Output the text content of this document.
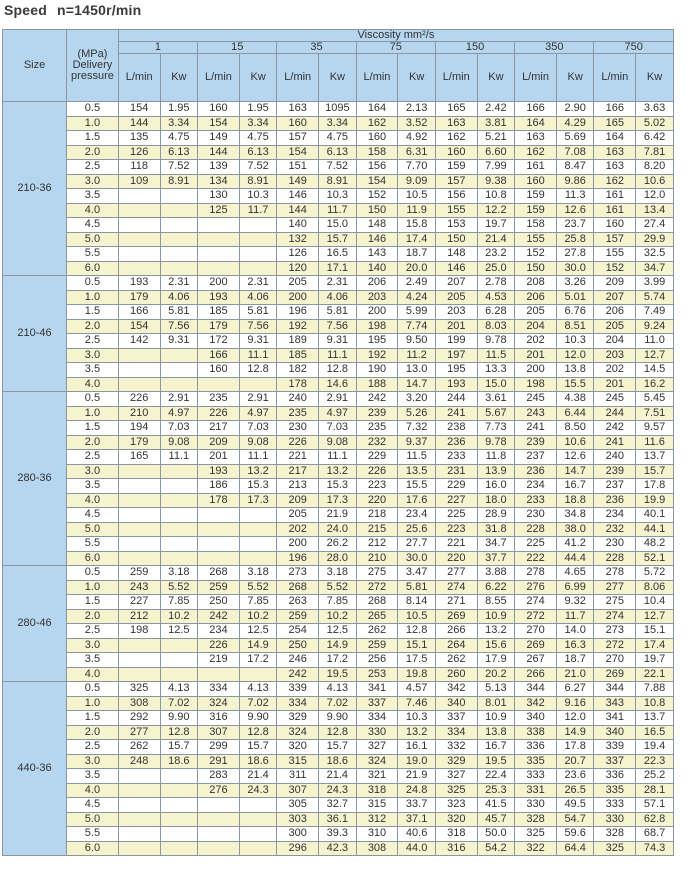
Speed n=1450r/min
Size	(MPa)
Delivery
pressure	Viscosity mm²/s													
		1		15		35		75		150		350		750	
		L/min	Kw	L/min	Kw	L/min	Kw	L/min	Kw	L/min	Kw	L/min	Kw	L/min	Kw
210-36	0.5	154	1.95	160	1.95	163	1095	164	2.13	165	2.42	166	2.90	166	3.63
	1.0	144	3.34	154	3.34	160	3.34	162	3.52	163	3.81	164	4.29	165	5.02
	1.5	135	4.75	149	4.75	157	4.75	160	4.92	162	5.21	163	5.69	164	6.42
	2.0	126	6.13	144	6.13	154	6.13	158	6.31	160	6.60	162	7.08	163	7.81
	2.5	118	7.52	139	7.52	151	7.52	156	7.70	159	7.99	161	8.47	163	8.20
	3.0	109	8.91	134	8.91	149	8.91	154	9.09	157	9.38	160	9.86	162	10.6
	3.5			130	10.3	146	10.3	152	10.5	156	10.8	159	11.3	161	12.0
	4.0			125	11.7	144	11.7	150	11.9	155	12.2	159	12.6	161	13.4
	4.5					140	15.0	148	15.8	153	19.7	158	23.7	160	27.4
	5.0					132	15.7	146	17.4	150	21.4	155	25.8	157	29.9
	5.5					126	16.5	143	18.7	148	23.2	152	27.8	155	32.5
	6.0					120	17.1	140	20.0	146	25.0	150	30.0	152	34.7
210-46	0.5	193	2.31	200	2.31	205	2.31	206	2.49	207	2.78	208	3.26	209	3.99
	1.0	179	4.06	193	4.06	200	4.06	203	4.24	205	4.53	206	5.01	207	5.74
	1.5	166	5.81	185	5.81	196	5.81	200	5.99	203	6.28	205	6.76	206	7.49
	2.0	154	7.56	179	7.56	192	7.56	198	7.74	201	8.03	204	8.51	205	9.24
	2.5	142	9.31	172	9.31	189	9.31	195	9.50	199	9.78	202	10.3	204	11.0
	3.0			166	11.1	185	11.1	192	11.2	197	11.5	201	12.0	203	12.7
	3.5			160	12.8	182	12.8	190	13.0	195	13.3	200	13.8	202	14.5
	4.0					178	14.6	188	14.7	193	15.0	198	15.5	201	16.2
280-36	0.5	226	2.91	235	2.91	240	2.91	242	3.20	244	3.61	245	4.38	245	5.45
	1.0	210	4.97	226	4.97	235	4.97	239	5.26	241	5.67	243	6.44	244	7.51
	1.5	194	7.03	217	7.03	230	7.03	235	7.32	238	7.73	241	8.50	242	9.57
	2.0	179	9.08	209	9.08	226	9.08	232	9.37	236	9.78	239	10.6	241	11.6
	2.5	165	11.1	201	11.1	221	11.1	229	11.5	233	11.8	237	12.6	240	13.7
	3.0			193	13.2	217	13.2	226	13.5	231	13.9	236	14.7	239	15.7
	3.5			186	15.3	213	15.3	223	15.5	229	16.0	234	16.7	237	17.8
	4.0			178	17.3	209	17.3	220	17.6	227	18.0	233	18.8	236	19.9
	4.5					205	21.9	218	23.4	225	28.9	230	34.8	234	40.1
	5.0					202	24.0	215	25.6	223	31.8	228	38.0	232	44.1
	5.5					200	26.2	212	27.7	221	34.7	225	41.2	230	48.2
	6.0					196	28.0	210	30.0	220	37.7	222	44.4	228	52.1
280-46	0.5	259	3.18	268	3.18	273	3.18	275	3.47	277	3.88	278	4.65	278	5.72
	1.0	243	5.52	259	5.52	268	5.52	272	5.81	274	6.22	276	6.99	277	8.06
	1.5	227	7.85	250	7.85	263	7.85	268	8.14	271	8.55	274	9.32	275	10.4
	2.0	212	10.2	242	10.2	259	10.2	265	10.5	269	10.9	272	11.7	274	12.7
	2.5	198	12.5	234	12.5	254	12.5	262	12.8	266	13.2	270	14.0	273	15.1
	3.0			226	14.9	250	14.9	259	15.1	264	15.6	269	16.3	272	17.4
	3.5			219	17.2	246	17.2	256	17.5	262	17.9	267	18.7	270	19.7
	4.0					242	19.5	253	19.8	260	20.2	266	21.0	269	22.1
440-36	0.5	325	4.13	334	4.13	339	4.13	341	4.57	342	5.13	344	6.27	344	7.88
	1.0	308	7.02	324	7.02	334	7.02	337	7.46	340	8.01	342	9.16	343	10.8
	1.5	292	9.90	316	9.90	329	9.90	334	10.3	337	10.9	340	12.0	341	13.7
	2.0	277	12.8	307	12.8	324	12.8	330	13.2	334	13.8	338	14.9	340	16.5
	2.5	262	15.7	299	15.7	320	15.7	327	16.1	332	16.7	336	17.8	339	19.4
	3.0	248	18.6	291	18.6	315	18.6	324	19.0	329	19.5	335	20.7	337	22.3
	3.5			283	21.4	311	21.4	321	21.9	327	22.4	333	23.6	336	25.2
	4.0			276	24.3	307	24.3	318	24.8	325	25.3	331	26.5	335	28.1
	4.5					305	32.7	315	33.7	323	41.5	330	49.5	333	57.1
	5.0					303	36.1	312	37.1	320	45.7	328	54.7	330	62.8
	5.5					300	39.3	310	40.6	318	50.0	325	59.6	328	68.7
	6.0					296	42.3	308	44.0	316	54.2	322	64.4	325	74.3
